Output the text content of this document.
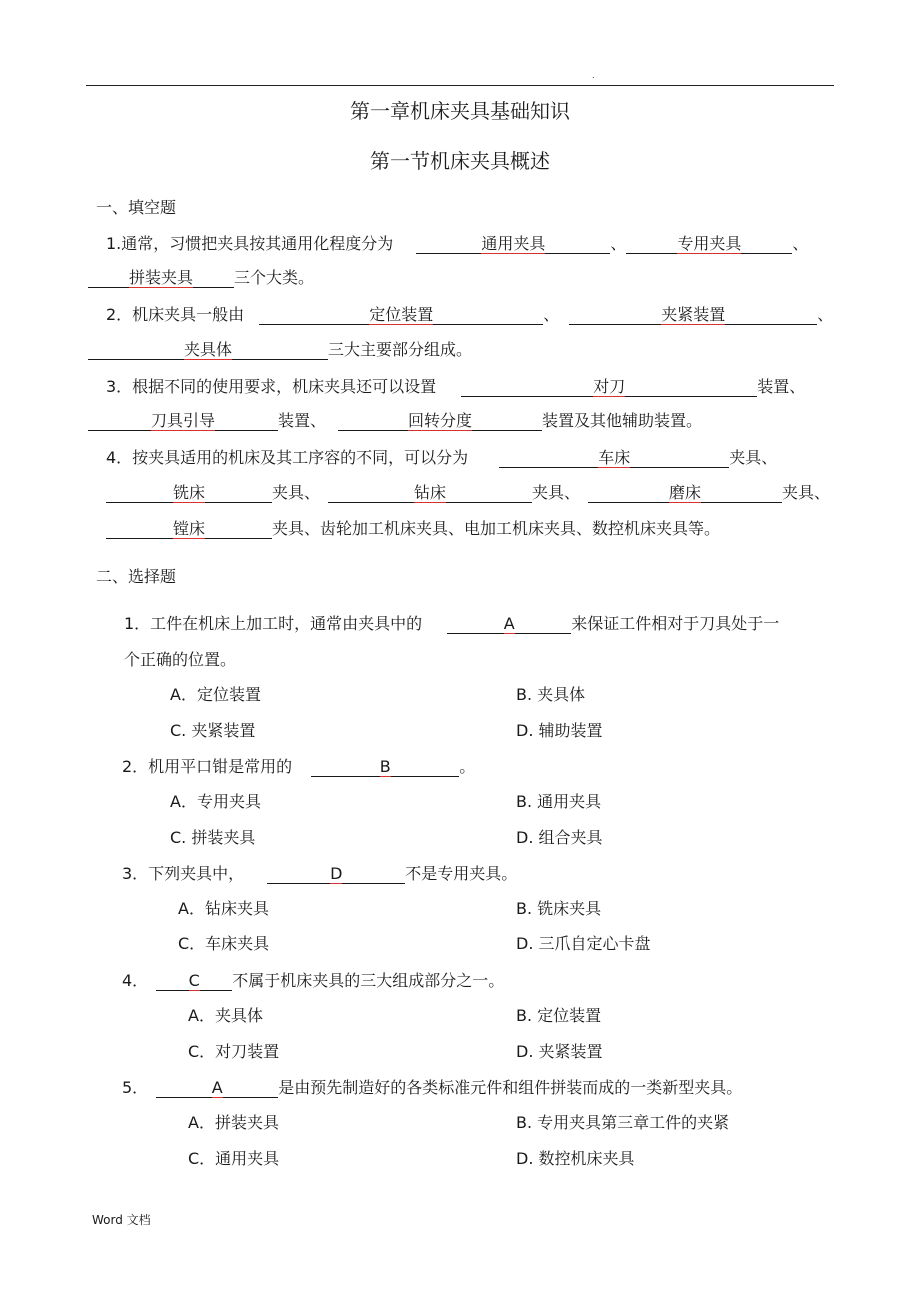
.
第一章机床夹具基础知识
第一节机床夹具概述
一、填空题
1.通常，习惯把夹具按其通用化程度分为	通用夹具	、	专用夹具	、
拼装夹具	三个大类。
2．机床夹具一般由	定位装置	、	夹紧装置	、
夹具体	三大主要部分组成。
3．根据不同的使用要求，机床夹具还可以设置	对刀	装置、
刀具引导	装置、	回转分度	装置及其他辅助装置。
4．按夹具适用的机床及其工序容的不同，可以分为	车床	夹具、
铣床	夹具、	钻床	夹具、	磨床	夹具、
镗床	夹具、齿轮加工机床夹具、电加工机床夹具、数控机床夹具等。
二、选择题
1．工件在机床上加工时，通常由夹具中的	A	来保证工件相对于刀具处于一
个正确的位置。
A．定位装置	B. 夹具体
C. 夹紧装置	D. 辅助装置
2．机用平口钳是常用的	B	。
A．专用夹具	B. 通用夹具
C. 拼装夹具	D. 组合夹具
3．下列夹具中，	D	不是专用夹具。
A．钻床夹具	B. 铣床夹具
C．车床夹具	D. 三爪自定心卡盘
4．	C 不属于机床夹具的三大组成部分之一。
A．夹具体	B. 定位装置
C．对刀装置	D. 夹紧装置
5．	A	是由预先制造好的各类标准元件和组件拼装而成的一类新型夹具。
A．拼装夹具	B. 专用夹具第三章工件的夹紧
C．通用夹具	D. 数控机床夹具
Word 文档
